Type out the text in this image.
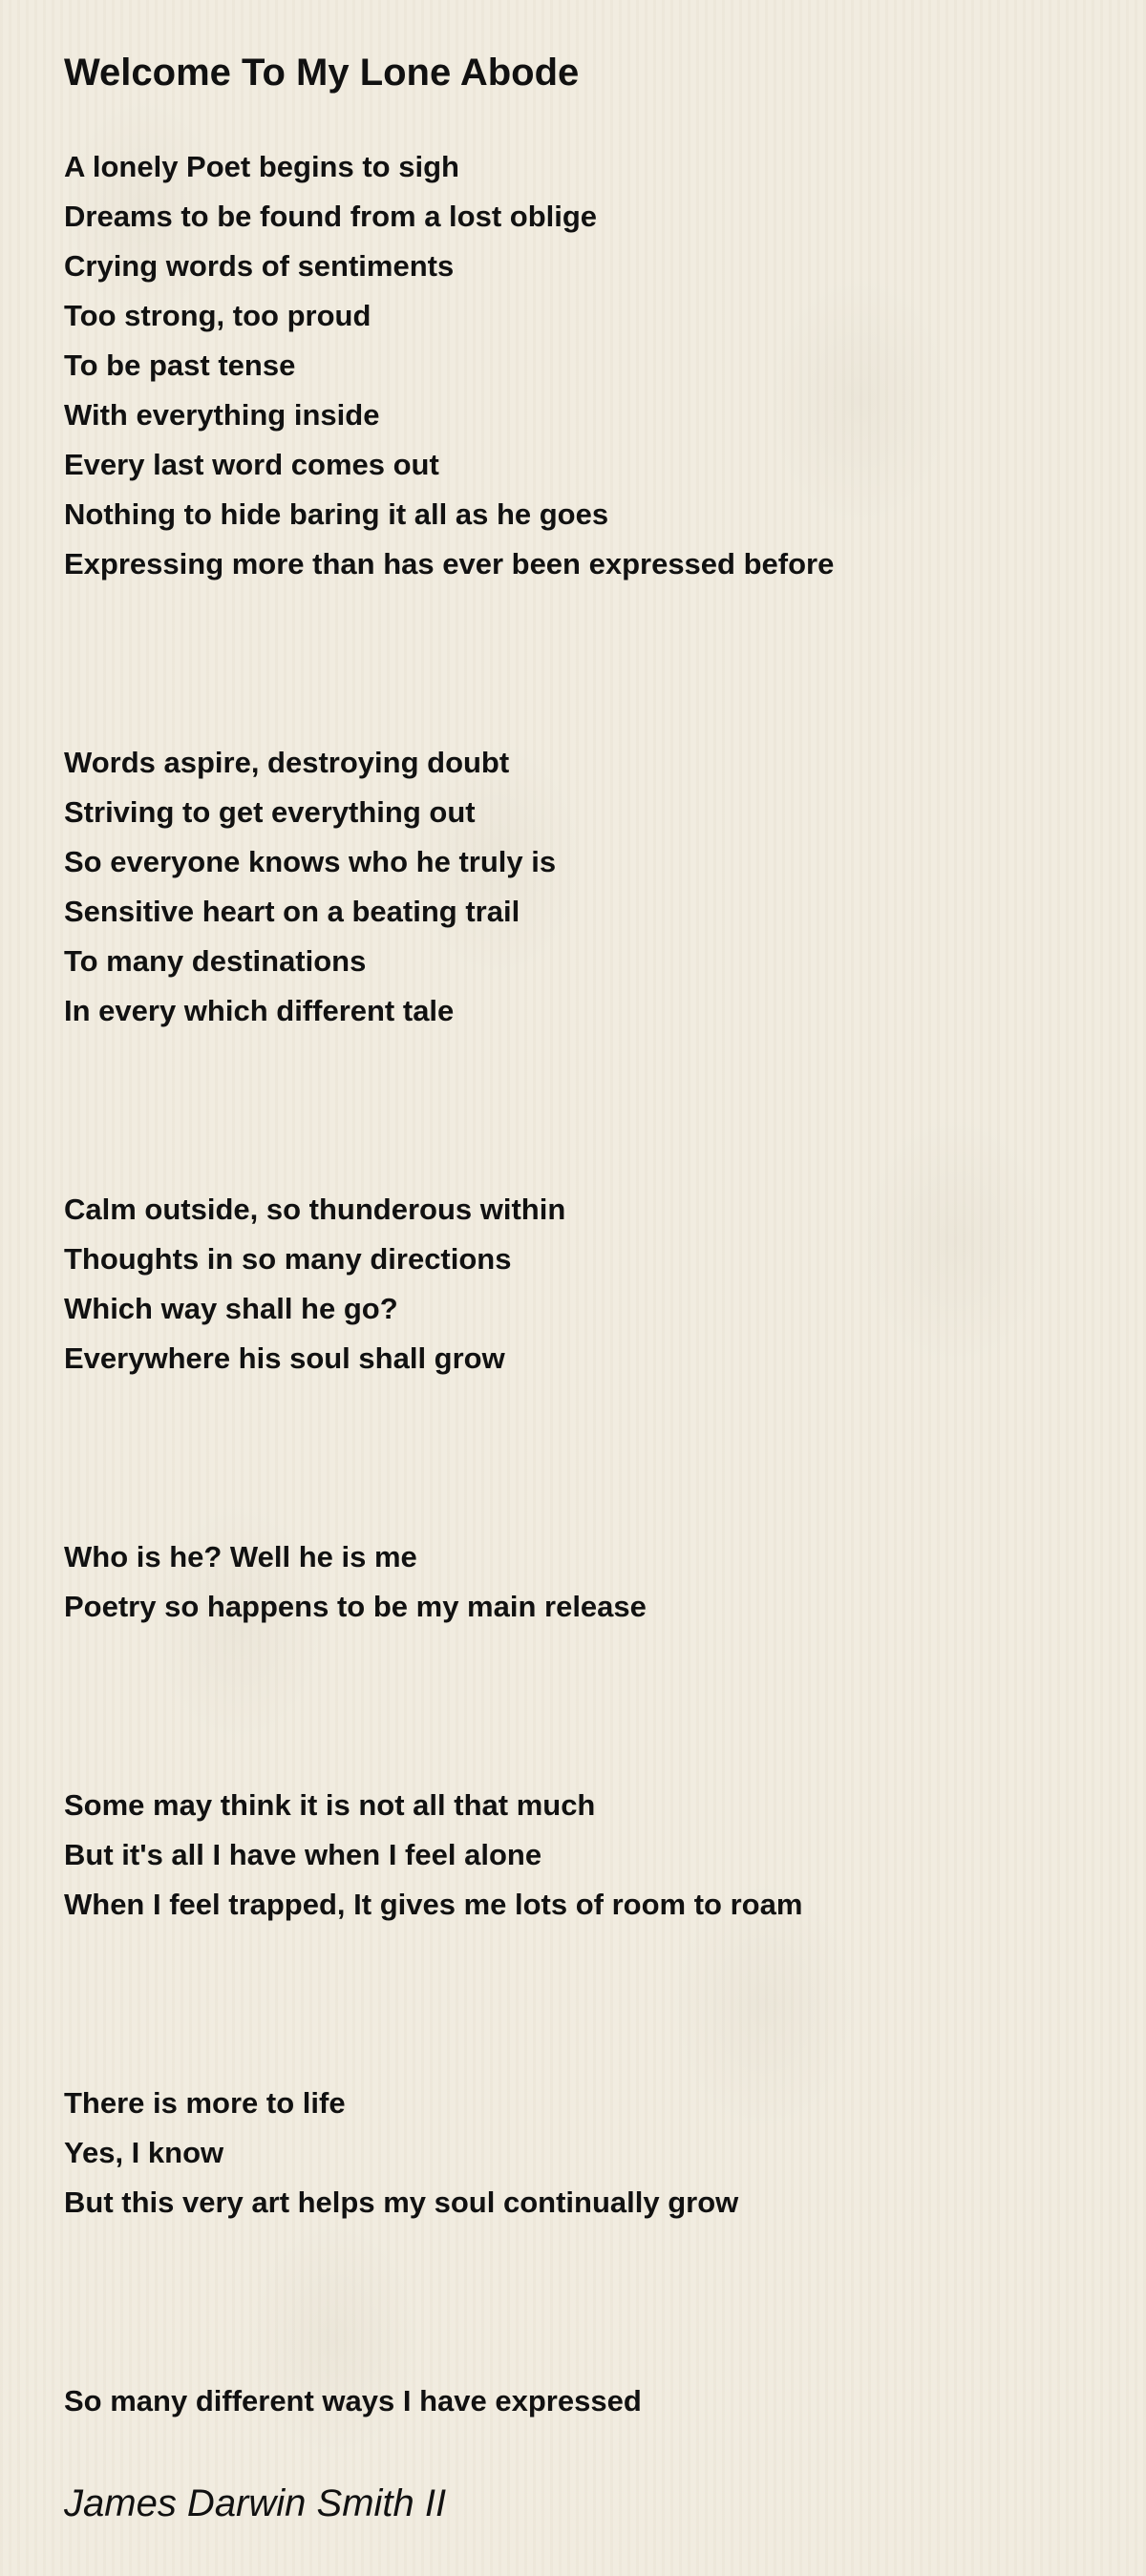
Welcome To My Lone Abode
A lonely Poet begins to sigh
Dreams to be found from a lost oblige
Crying words of sentiments
Too strong, too proud
To be past tense
With everything inside
Every last word comes out
Nothing to hide baring it all as he goes
Expressing more than has ever been expressed before
Words aspire, destroying doubt
Striving to get everything out
So everyone knows who he truly is
Sensitive heart on a beating trail
To many destinations
In every which different tale
Calm outside, so thunderous within
Thoughts in so many directions
Which way shall he go?
Everywhere his soul shall grow
Who is he? Well he is me
Poetry so happens to be my main release
Some may think it is not all that much
But it's all I have when I feel alone
When I feel trapped, It gives me lots of room to roam
There is more to life
Yes, I know
But this very art helps my soul continually grow
So many different ways I have expressed
James Darwin Smith II
